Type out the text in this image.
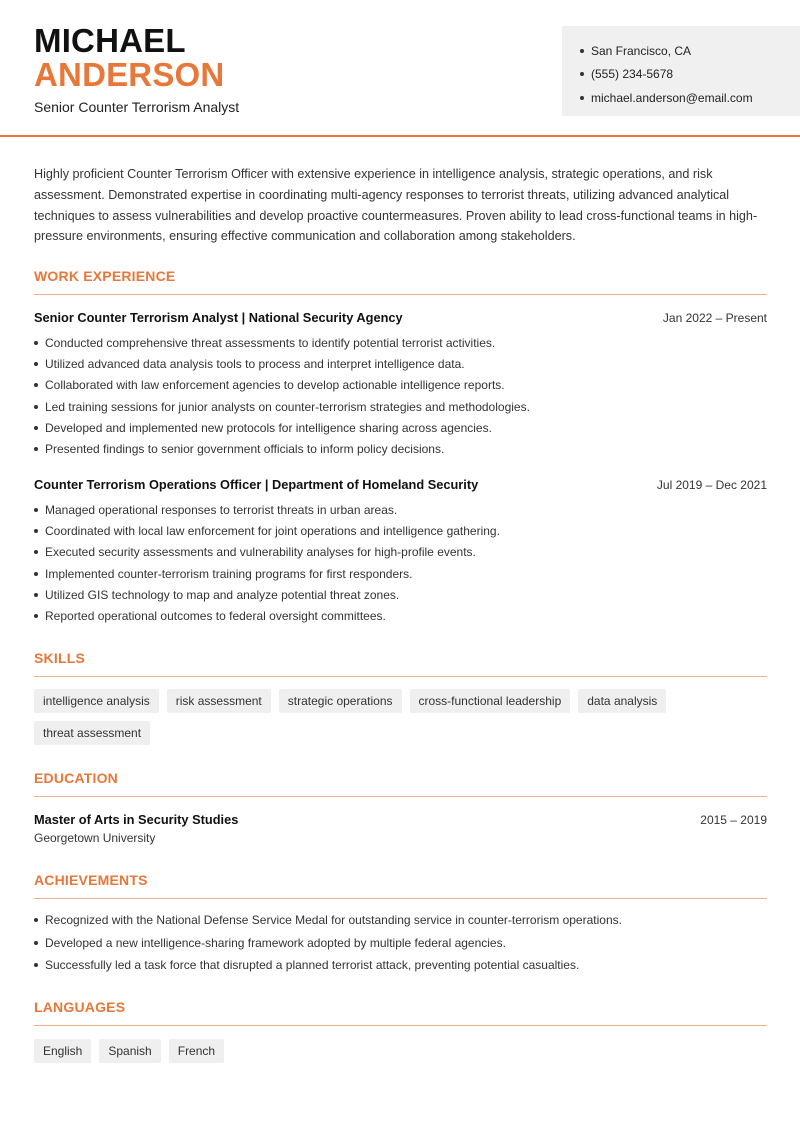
MICHAEL
ANDERSON
Senior Counter Terrorism Analyst
San Francisco, CA
(555) 234-5678
michael.anderson@email.com
Highly proficient Counter Terrorism Officer with extensive experience in intelligence analysis, strategic operations, and risk assessment. Demonstrated expertise in coordinating multi-agency responses to terrorist threats, utilizing advanced analytical techniques to assess vulnerabilities and develop proactive countermeasures. Proven ability to lead cross-functional teams in high-pressure environments, ensuring effective communication and collaboration among stakeholders.
WORK EXPERIENCE
Senior Counter Terrorism Analyst | National Security Agency	Jan 2022 – Present
Conducted comprehensive threat assessments to identify potential terrorist activities.
Utilized advanced data analysis tools to process and interpret intelligence data.
Collaborated with law enforcement agencies to develop actionable intelligence reports.
Led training sessions for junior analysts on counter-terrorism strategies and methodologies.
Developed and implemented new protocols for intelligence sharing across agencies.
Presented findings to senior government officials to inform policy decisions.
Counter Terrorism Operations Officer | Department of Homeland Security	Jul 2019 – Dec 2021
Managed operational responses to terrorist threats in urban areas.
Coordinated with local law enforcement for joint operations and intelligence gathering.
Executed security assessments and vulnerability analyses for high-profile events.
Implemented counter-terrorism training programs for first responders.
Utilized GIS technology to map and analyze potential threat zones.
Reported operational outcomes to federal oversight committees.
SKILLS
intelligence analysis	risk assessment	strategic operations	cross-functional leadership	data analysis
threat assessment
EDUCATION
Master of Arts in Security Studies	2015 – 2019
Georgetown University
ACHIEVEMENTS
Recognized with the National Defense Service Medal for outstanding service in counter-terrorism operations.
Developed a new intelligence-sharing framework adopted by multiple federal agencies.
Successfully led a task force that disrupted a planned terrorist attack, preventing potential casualties.
LANGUAGES
English	Spanish	French
